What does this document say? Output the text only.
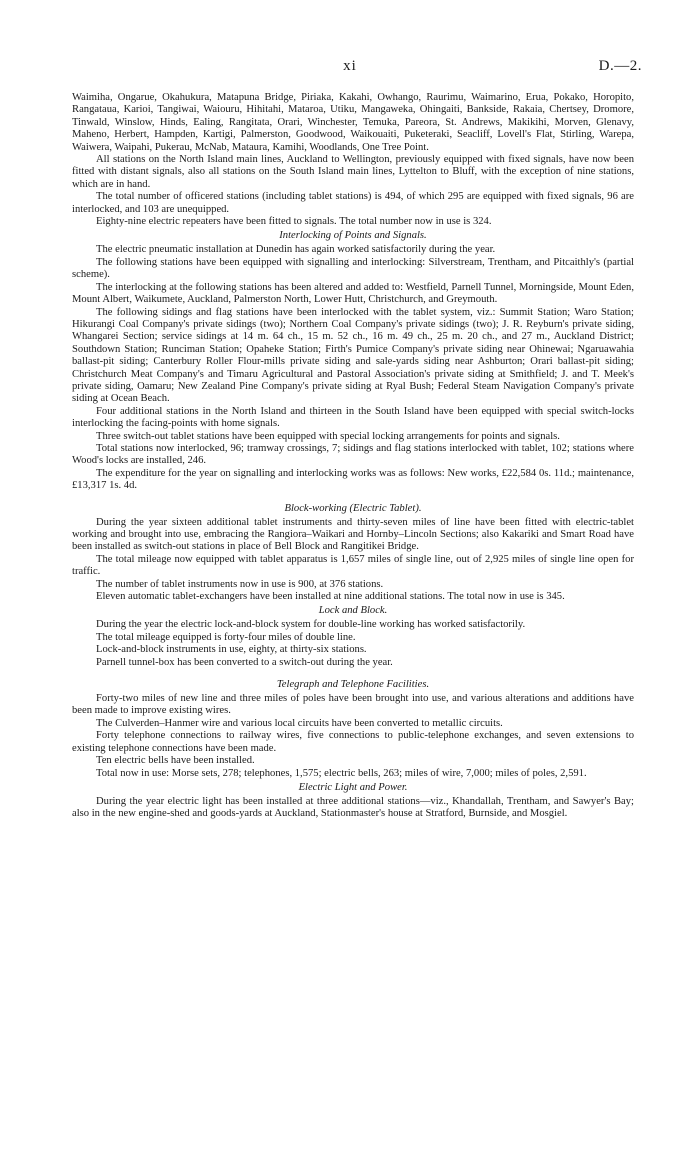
xi	D.—2.

Waimiha, Ongarue, Okahukura, Matapuna Bridge, Piriaka, Kakahi, Owhango, Raurimu, Waimarino, Erua, Pokako, Horopito, Rangataua, Karioi, Tangiwai, Waiouru, Hihitahi, Mataroa, Utiku, Mangaweka, Ohingaiti, Bankside, Rakaia, Chertsey, Dromore, Tinwald, Winslow, Hinds, Ealing, Rangitata, Orari, Winchester, Temuka, Pareora, St. Andrews, Makikihi, Morven, Glenavy, Maheno, Herbert, Hampden, Kartigi, Palmerston, Goodwood, Waikouaiti, Puketeraki, Seacliff, Lovell's Flat, Stirling, Warepa, Waiwera, Waipahi, Pukerau, McNab, Mataura, Kamihi, Woodlands, One Tree Point.

All stations on the North Island main lines, Auckland to Wellington, previously equipped with fixed signals, have now been fitted with distant signals, also all stations on the South Island main lines, Lyttelton to Bluff, with the exception of nine stations, which are in hand.

The total number of officered stations (including tablet stations) is 494, of which 295 are equipped with fixed signals, 96 are interlocked, and 103 are unequipped.

Eighty-nine electric repeaters have been fitted to signals. The total number now in use is 324.

Interlocking of Points and Signals.

The electric pneumatic installation at Dunedin has again worked satisfactorily during the year.

The following stations have been equipped with signalling and interlocking: Silverstream, Trentham, and Pitcaithly's (partial scheme).

The interlocking at the following stations has been altered and added to: Westfield, Parnell Tunnel, Morningside, Mount Eden, Mount Albert, Waikumete, Auckland, Palmerston North, Lower Hutt, Christchurch, and Greymouth.

The following sidings and flag stations have been interlocked with the tablet system, viz.: Summit Station; Waro Station; Hikurangi Coal Company's private sidings (two); Northern Coal Company's private sidings (two); J. R. Reyburn's private siding, Whangarei Section; service sidings at 14 m. 64 ch., 15 m. 52 ch., 16 m. 49 ch., 25 m. 20 ch., and 27 m., Auckland District; Southdown Station; Runciman Station; Opaheke Station; Firth's Pumice Company's private siding near Ohinewai; Ngaruawahia ballast-pit siding; Canterbury Roller Flour-mills private siding and sale-yards siding near Ashburton; Orari ballast-pit siding; Christchurch Meat Company's and Timaru Agricultural and Pastoral Association's private siding at Smithfield; J. and T. Meek's private siding, Oamaru; New Zealand Pine Company's private siding at Ryal Bush; Federal Steam Navigation Company's private siding at Ocean Beach.

Four additional stations in the North Island and thirteen in the South Island have been equipped with special switch-locks interlocking the facing-points with home signals.

Three switch-out tablet stations have been equipped with special locking arrangements for points and signals.

Total stations now interlocked, 96; tramway crossings, 7; sidings and flag stations interlocked with tablet, 102; stations where Wood's locks are installed, 246.

The expenditure for the year on signalling and interlocking works was as follows: New works, £22,584 0s. 11d.; maintenance, £13,317 1s. 4d.

Block-working (Electric Tablet).

During the year sixteen additional tablet instruments and thirty-seven miles of line have been fitted with electric-tablet working and brought into use, embracing the Rangiora–Waikari and Hornby–Lincoln Sections; also Kakariki and Smart Road have been installed as switch-out stations in place of Bell Block and Rangitikei Bridge.

The total mileage now equipped with tablet apparatus is 1,657 miles of single line, out of 2,925 miles of single line open for traffic.

The number of tablet instruments now in use is 900, at 376 stations.

Eleven automatic tablet-exchangers have been installed at nine additional stations. The total now in use is 345.

Lock and Block.

During the year the electric lock-and-block system for double-line working has worked satisfactorily.

The total mileage equipped is forty-four miles of double line.

Lock-and-block instruments in use, eighty, at thirty-six stations.

Parnell tunnel-box has been converted to a switch-out during the year.

Telegraph and Telephone Facilities.

Forty-two miles of new line and three miles of poles have been brought into use, and various alterations and additions have been made to improve existing wires.

The Culverden–Hanmer wire and various local circuits have been converted to metallic circuits.

Forty telephone connections to railway wires, five connections to public-telephone exchanges, and seven extensions to existing telephone connections have been made.

Ten electric bells have been installed.

Total now in use: Morse sets, 278; telephones, 1,575; electric bells, 263; miles of wire, 7,000; miles of poles, 2,591.

Electric Light and Power.

During the year electric light has been installed at three additional stations—viz., Khandallah, Trentham, and Sawyer's Bay; also in the new engine-shed and goods-yards at Auckland, Stationmaster's house at Stratford, Burnside, and Mosgiel.
